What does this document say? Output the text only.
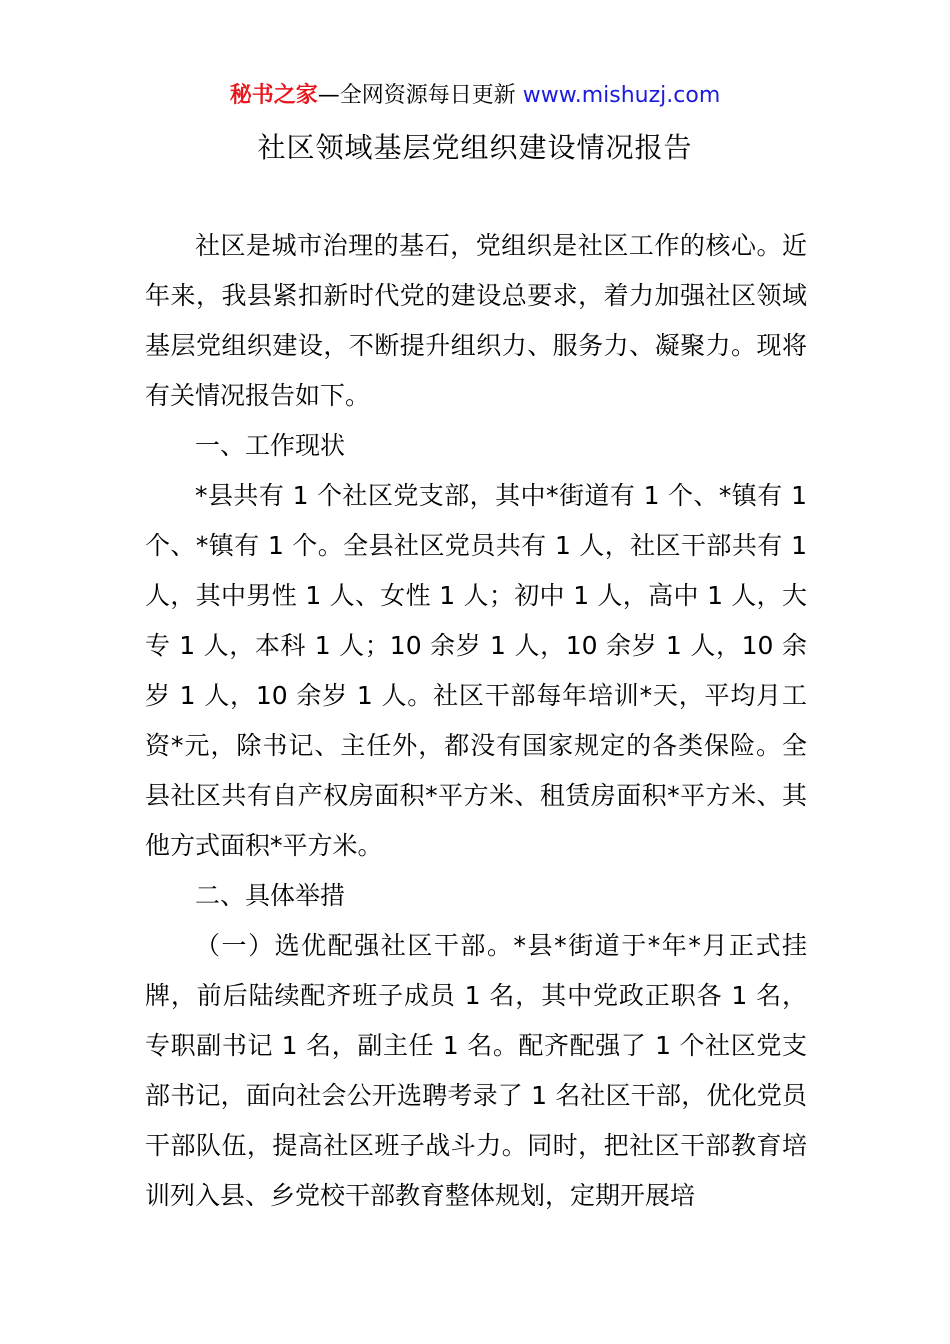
秘书之家—全网资源每日更新 www.mishuzj.com
社区领域基层党组织建设情况报告

社区是城市治理的基石，党组织是社区工作的核心。近年来，我县紧扣新时代党的建设总要求，着力加强社区领域基层党组织建设，不断提升组织力、服务力、凝聚力。现将有关情况报告如下。

一、工作现状

*县共有 1 个社区党支部，其中*街道有 1 个、*镇有 1 个、*镇有 1 个。全县社区党员共有 1 人，社区干部共有 1 人，其中男性 1 人、女性 1 人；初中 1 人，高中 1 人，大专 1 人，本科 1 人；10 余岁 1 人，10 余岁 1 人，10 余岁 1 人，10 余岁 1 人。社区干部每年培训*天，平均月工资*元，除书记、主任外，都没有国家规定的各类保险。全县社区共有自产权房面积*平方米、租赁房面积*平方米、其他方式面积*平方米。

二、具体举措

（一）选优配强社区干部。*县*街道于*年*月正式挂牌，前后陆续配齐班子成员 1 名，其中党政正职各 1 名，专职副书记 1 名，副主任 1 名。配齐配强了 1 个社区党支部书记，面向社会公开选聘考录了 1 名社区干部，优化党员干部队伍，提高社区班子战斗力。同时，把社区干部教育培训列入县、乡党校干部教育整体规划，定期开展培
